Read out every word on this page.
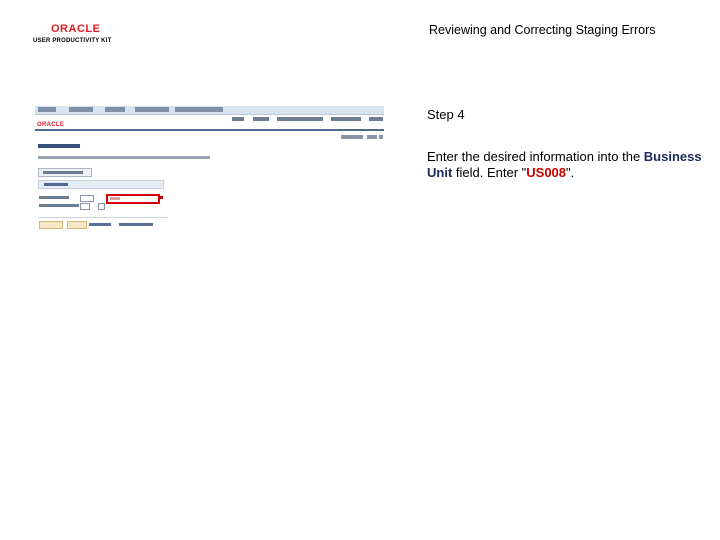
ORACLE
USER PRODUCTIVITY KIT
Reviewing and Correcting Staging Errors
ORACLE
Step 4
Enter the desired information into the Business Unit field. Enter "US008".
